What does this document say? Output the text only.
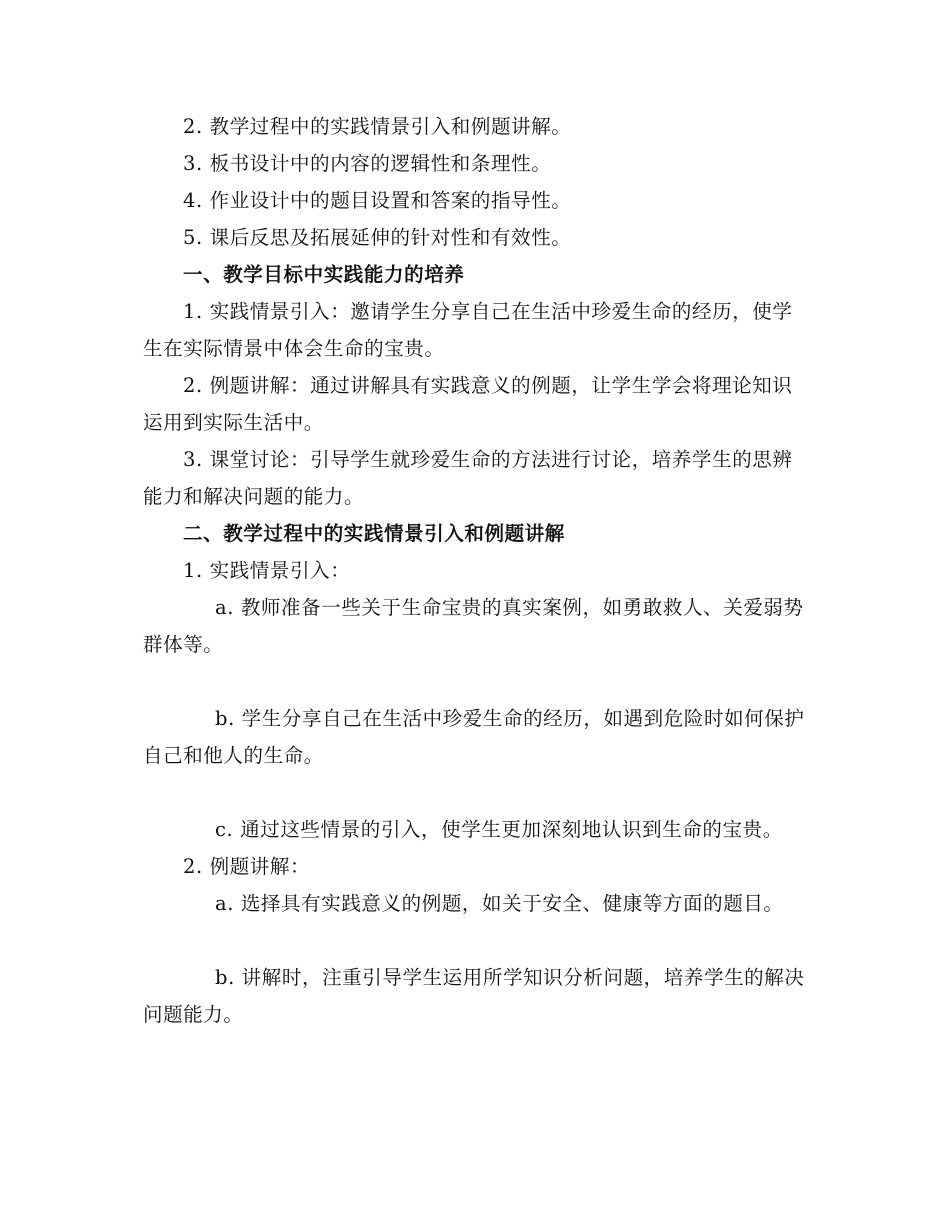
2. 教学过程中的实践情景引入和例题讲解。

3. 板书设计中的内容的逻辑性和条理性。

4. 作业设计中的题目设置和答案的指导性。

5. 课后反思及拓展延伸的针对性和有效性。

一、教学目标中实践能力的培养

1. 实践情景引入：邀请学生分享自己在生活中珍爱生命的经历，使学生在实际情景中体会生命的宝贵。

2. 例题讲解：通过讲解具有实践意义的例题，让学生学会将理论知识运用到实际生活中。

3. 课堂讨论：引导学生就珍爱生命的方法进行讨论，培养学生的思辨能力和解决问题的能力。

二、教学过程中的实践情景引入和例题讲解

1. 实践情景引入：

a. 教师准备一些关于生命宝贵的真实案例，如勇敢救人、关爱弱势群体等。

b. 学生分享自己在生活中珍爱生命的经历，如遇到危险时如何保护自己和他人的生命。

c. 通过这些情景的引入，使学生更加深刻地认识到生命的宝贵。

2. 例题讲解：

a. 选择具有实践意义的例题，如关于安全、健康等方面的题目。

b. 讲解时，注重引导学生运用所学知识分析问题，培养学生的解决问题能力。
